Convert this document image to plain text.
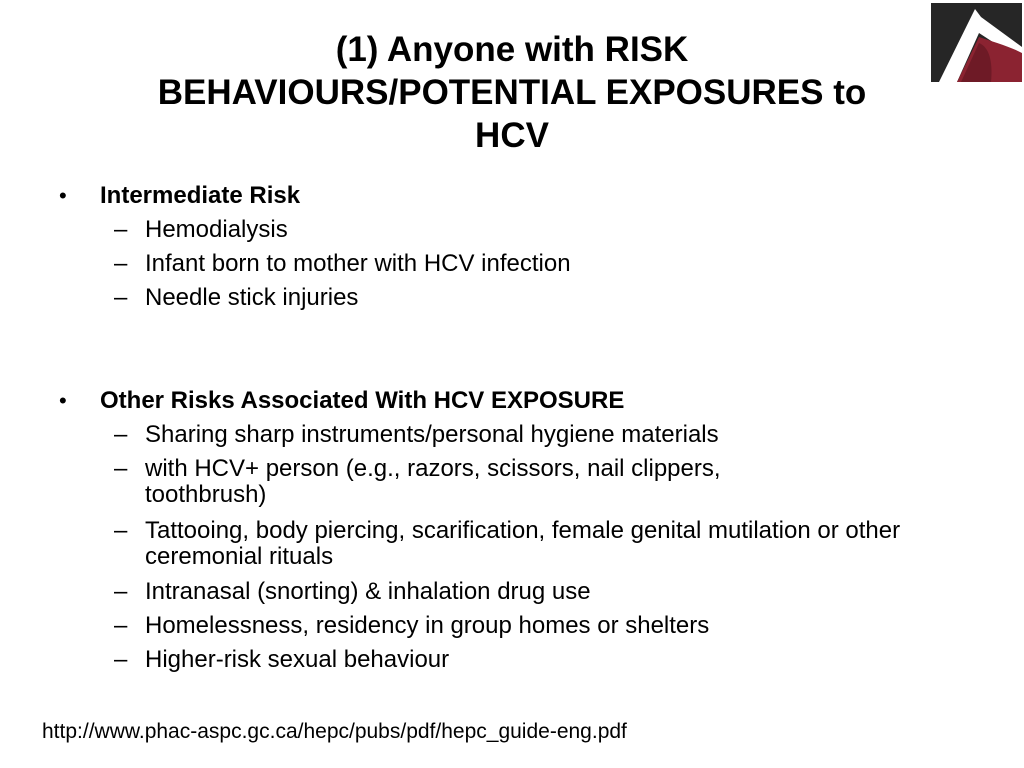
(1) Anyone with RISK
BEHAVIOURS/POTENTIAL EXPOSURES to
HCV
• Intermediate Risk
– Hemodialysis
– Infant born to mother with HCV infection
– Needle stick injuries
• Other Risks Associated With HCV EXPOSURE
– Sharing sharp instruments/personal hygiene materials
– with HCV+ person (e.g., razors, scissors, nail clippers, toothbrush)
– Tattooing, body piercing, scarification, female genital mutilation or other ceremonial rituals
– Intranasal (snorting) & inhalation drug use
– Homelessness, residency in group homes or shelters
– Higher-risk sexual behaviour
http://www.phac-aspc.gc.ca/hepc/pubs/pdf/hepc_guide-eng.pdf
